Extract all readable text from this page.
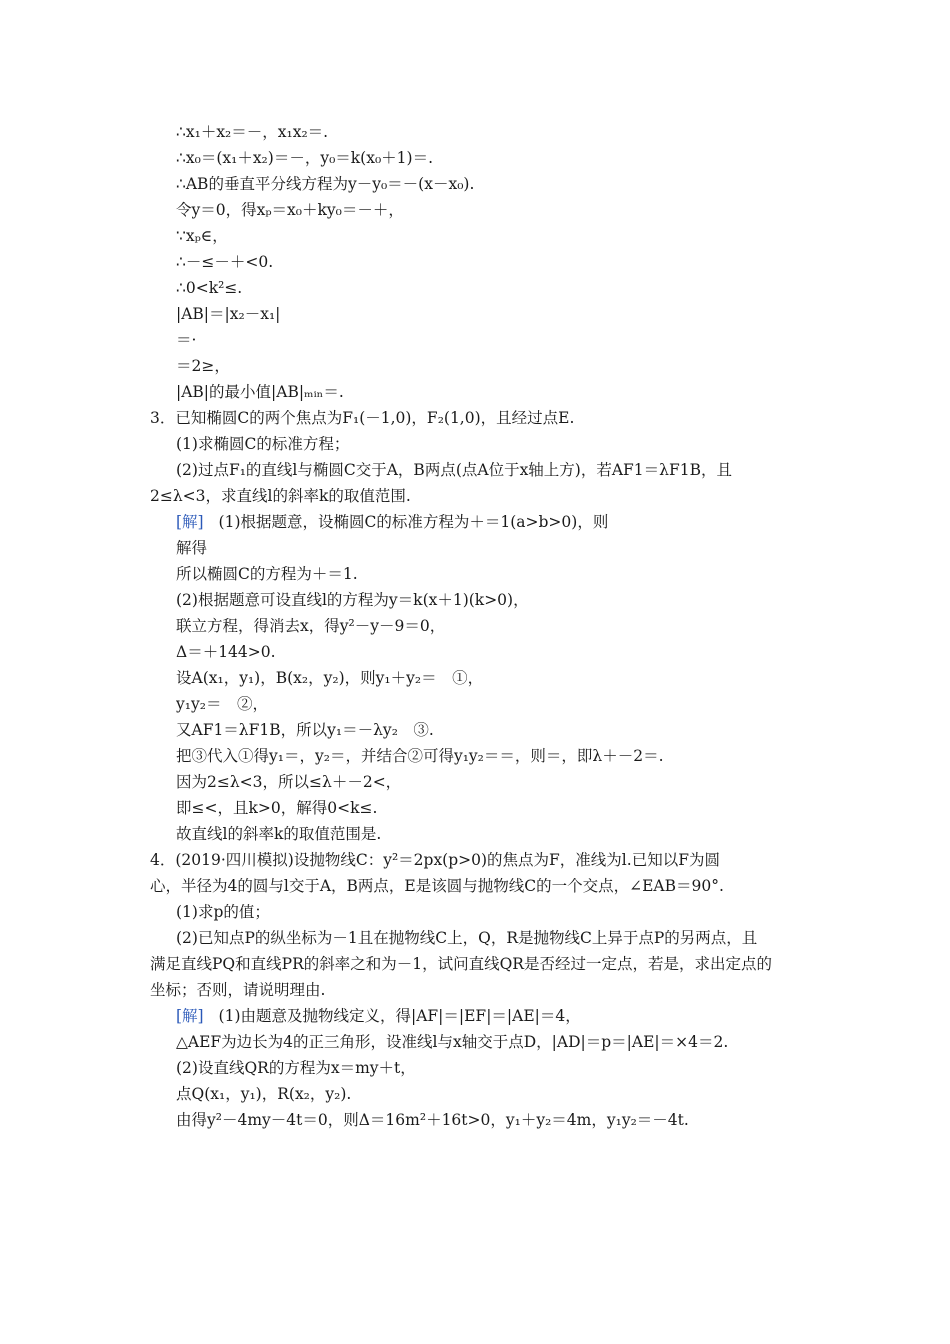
∴x₁＋x₂＝－，x₁x₂＝.
∴x₀＝(x₁＋x₂)＝－，y₀＝k(x₀＋1)＝.
∴AB的垂直平分线方程为y－y₀＝－(x－x₀).
令y＝0，得xₚ＝x₀＋ky₀＝－＋，
∵xₚ∈，
∴－≤－＋<0.
∴0<k²≤.
|AB|＝|x₂－x₁|
＝·
＝2≥，
|AB|的最小值|AB|ₘᵢₙ＝.
3．已知椭圆C的两个焦点为F₁(－1,0)，F₂(1,0)，且经过点E.
(1)求椭圆C的标准方程；
(2)过点F₁的直线l与椭圆C交于A，B两点(点A位于x轴上方)，若AF1＝λF1B，且
2≤λ<3，求直线l的斜率k的取值范围.
[解] (1)根据题意，设椭圆C的标准方程为＋＝1(a>b>0)，则
解得
所以椭圆C的方程为＋＝1.
(2)根据题意可设直线l的方程为y＝k(x＋1)(k>0)，
联立方程，得消去x，得y²－y－9＝0，
Δ＝＋144>0.
设A(x₁，y₁)，B(x₂，y₂)，则y₁＋y₂＝　①，
y₁y₂＝　②，
又AF1＝λF1B，所以y₁＝－λy₂　③.
把③代入①得y₁＝，y₂＝，并结合②可得y₁y₂＝＝，则＝，即λ＋－2＝.
因为2≤λ<3，所以≤λ＋－2<，
即≤<，且k>0，解得0<k≤.
故直线l的斜率k的取值范围是.
4．(2019·四川模拟)设抛物线C：y²＝2px(p>0)的焦点为F，准线为l.已知以F为圆
心，半径为4的圆与l交于A，B两点，E是该圆与抛物线C的一个交点，∠EAB＝90°.
(1)求p的值；
(2)已知点P的纵坐标为－1且在抛物线C上，Q，R是抛物线C上异于点P的另两点，且
满足直线PQ和直线PR的斜率之和为－1，试问直线QR是否经过一定点，若是，求出定点的
坐标；否则，请说明理由.
[解] (1)由题意及抛物线定义，得|AF|＝|EF|＝|AE|＝4，
△AEF为边长为4的正三角形，设准线l与x轴交于点D，|AD|＝p＝|AE|＝×4＝2.
(2)设直线QR的方程为x＝my＋t，
点Q(x₁，y₁)，R(x₂，y₂).
由得y²－4my－4t＝0，则Δ＝16m²＋16t>0，y₁＋y₂＝4m，y₁y₂＝－4t.
